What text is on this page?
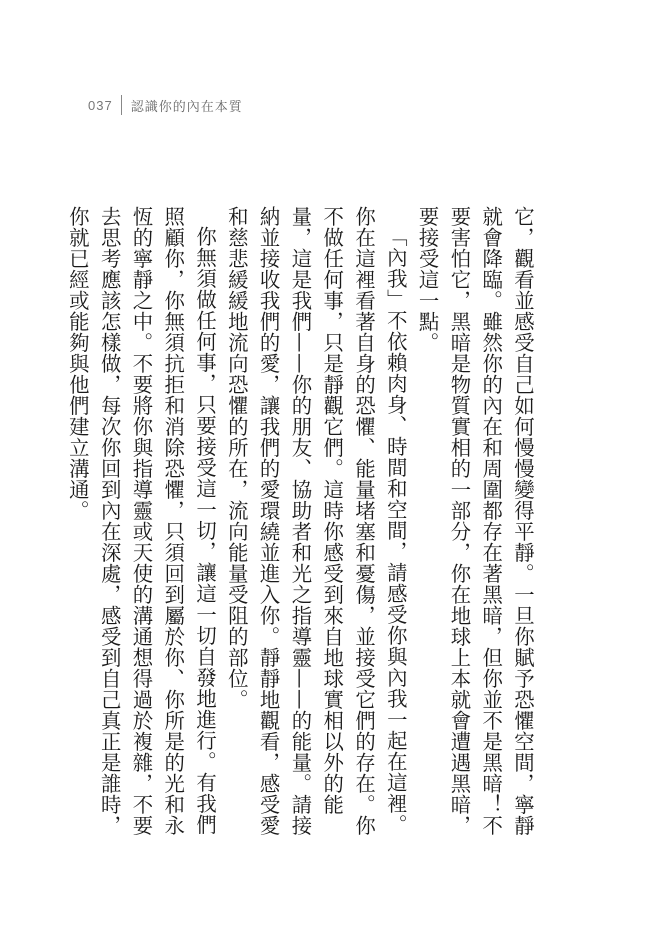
037 認識你的內在本質

它，觀看並感受自己如何慢慢變得平靜。一旦你賦予恐懼空間，寧靜就會降臨。雖然你的內在和周圍都存在著黑暗，但你並不是黑暗！不要害怕它，黑暗是物質實相的一部分，你在地球上本就會遭遇黑暗，要接受這一點。

「內我」不依賴肉身、時間和空間，請感受你與內我一起在這裡。你在這裡看著自身的恐懼、能量堵塞和憂傷，並接受它們的存在。你不做任何事，只是靜觀它們。這時你感受到來自地球實相以外的能量，這是我們——你的朋友、協助者和光之指導靈——的能量。請接納並接收我們的愛，讓我們的愛環繞並進入你。靜靜地觀看，感受愛和慈悲緩緩地流向恐懼的所在，流向能量受阻的部位。

你無須做任何事，只要接受這一切，讓這一切自發地進行。有我們照顧你，你無須抗拒和消除恐懼，只須回到屬於你、你所是的光和永恆的寧靜之中。不要將你與指導靈或天使的溝通想得過於複雜，不要去思考應該怎樣做，每次你回到內在深處，感受到自己真正是誰時，你就已經或能夠與他們建立溝通。
